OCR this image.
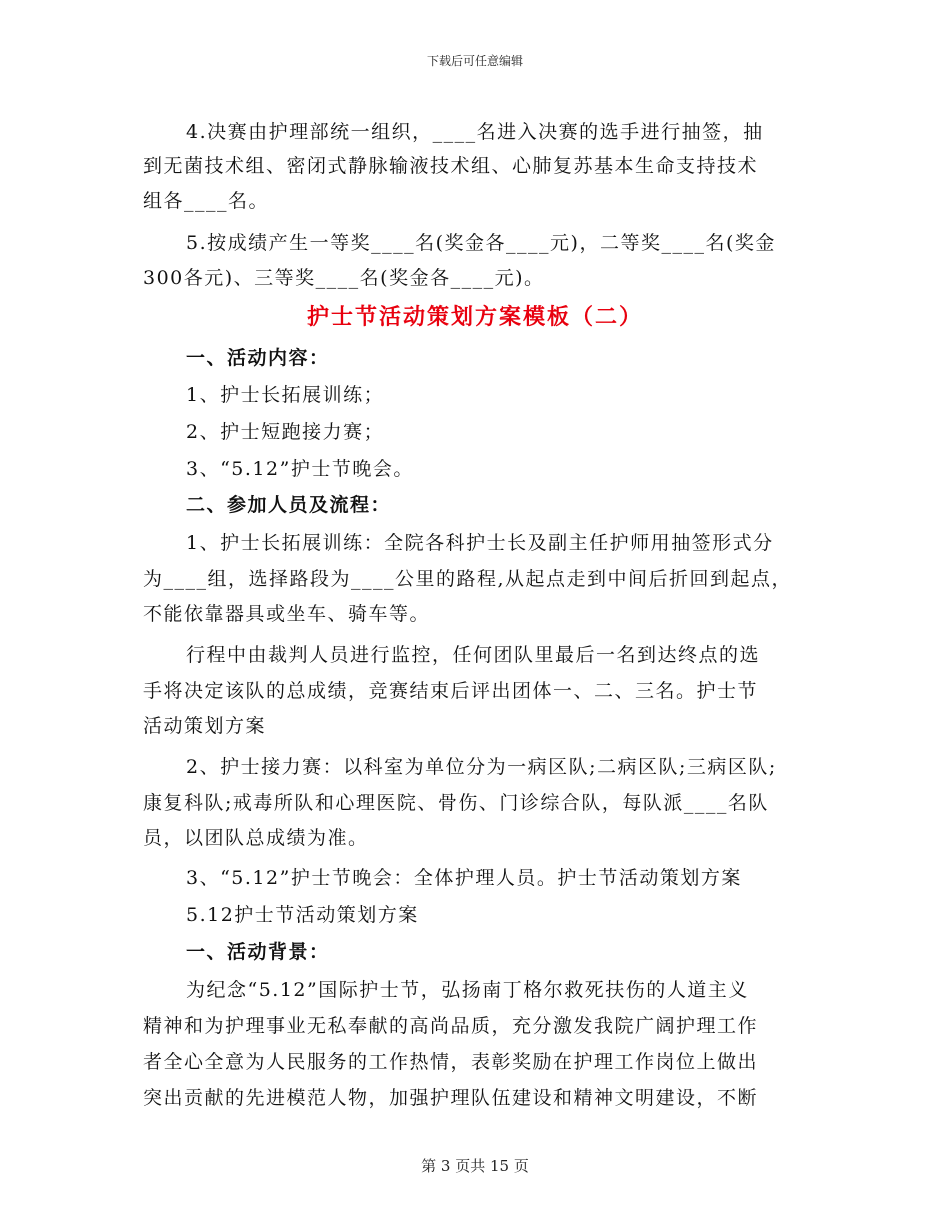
下载后可任意编辑
4.决赛由护理部统一组织，____名进入决赛的选手进行抽签，抽
到无菌技术组、密闭式静脉输液技术组、心肺复苏基本生命支持技术
组各____名。
5.按成绩产生一等奖____名(奖金各____元)，二等奖____名(奖金
300各元)、三等奖____名(奖金各____元)。
护士节活动策划方案模板（二）
一、活动内容：
1、护士长拓展训练；
2、护士短跑接力赛；
3、“5.12”护士节晚会。
二、参加人员及流程：
1、护士长拓展训练：全院各科护士长及副主任护师用抽签形式分
为____组，选择路段为____公里的路程,从起点走到中间后折回到起点，
不能依靠器具或坐车、骑车等。
行程中由裁判人员进行监控，任何团队里最后一名到达终点的选
手将决定该队的总成绩，竞赛结束后评出团体一、二、三名。护士节
活动策划方案
2、护士接力赛：以科室为单位分为一病区队;二病区队;三病区队;
康复科队;戒毒所队和心理医院、骨伤、门诊综合队，每队派____名队
员，以团队总成绩为准。
3、“5.12”护士节晚会：全体护理人员。护士节活动策划方案
5.12护士节活动策划方案
一、活动背景：
为纪念“5.12”国际护士节，弘扬南丁格尔救死扶伤的人道主义
精神和为护理事业无私奉献的高尚品质，充分激发我院广阔护理工作
者全心全意为人民服务的工作热情，表彰奖励在护理工作岗位上做出
突出贡献的先进模范人物，加强护理队伍建设和精神文明建设，不断
第 3 页共 15 页
